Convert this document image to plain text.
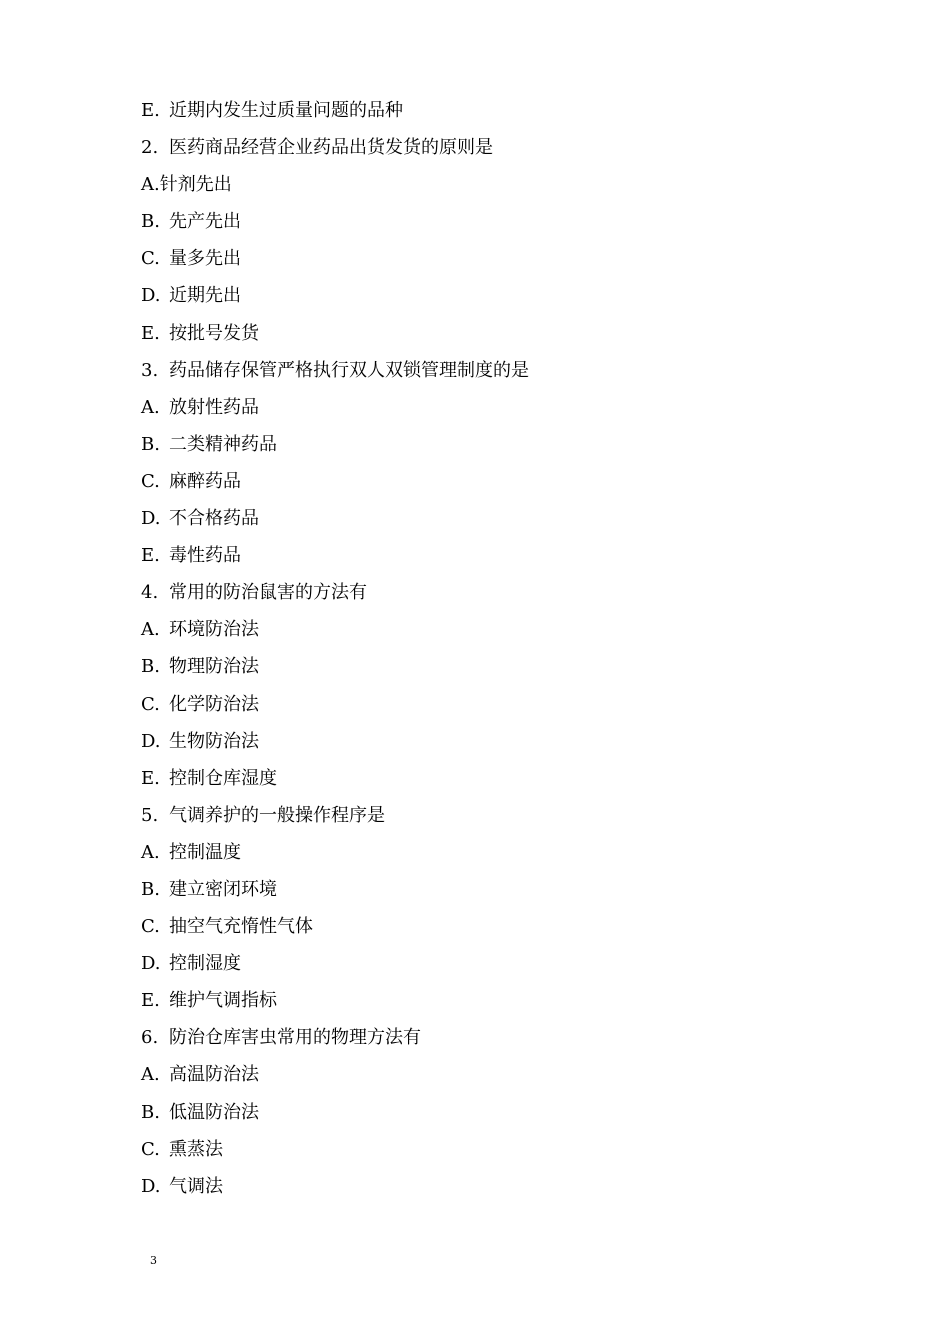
E. 近期内发生过质量问题的品种
2. 医药商品经营企业药品出货发货的原则是
A.针剂先出
B. 先产先出
C. 量多先出
D. 近期先出
E. 按批号发货
3. 药品储存保管严格执行双人双锁管理制度的是
A. 放射性药品
B. 二类精神药品
C. 麻醉药品
D. 不合格药品
E. 毒性药品
4. 常用的防治鼠害的方法有
A. 环境防治法
B. 物理防治法
C. 化学防治法
D. 生物防治法
E. 控制仓库湿度
5. 气调养护的一般操作程序是
A. 控制温度
B. 建立密闭环境
C. 抽空气充惰性气体
D. 控制湿度
E. 维护气调指标
6. 防治仓库害虫常用的物理方法有
A. 高温防治法
B. 低温防治法
C. 熏蒸法
D. 气调法
3
